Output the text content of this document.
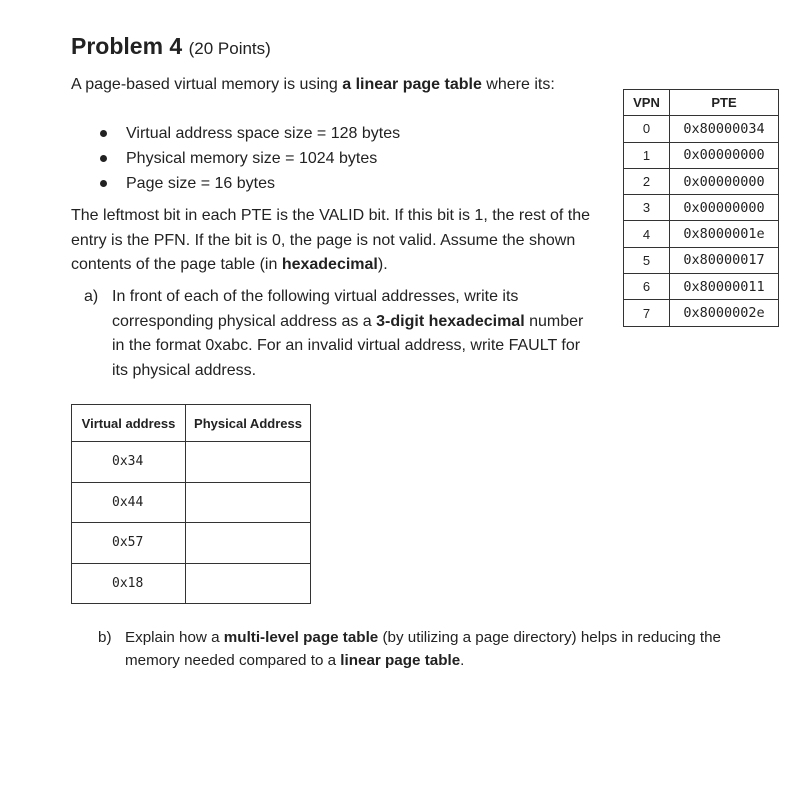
Problem 4 (20 Points)
A page-based virtual memory is using a linear page table where its:
Virtual address space size = 128 bytes
Physical memory size = 1024 bytes
Page size = 16 bytes
The leftmost bit in each PTE is the VALID bit. If this bit is 1, the rest of the entry is the PFN. If the bit is 0, the page is not valid. Assume the shown contents of the page table (in hexadecimal).
a) In front of each of the following virtual addresses, write its corresponding physical address as a 3-digit hexadecimal number in the format 0xabc. For an invalid virtual address, write FAULT for its physical address.
VPN	PTE
0	0x80000034
1	0x00000000
2	0x00000000
3	0x00000000
4	0x8000001e
5	0x80000017
6	0x80000011
7	0x8000002e
Virtual address	Physical Address
0x34	
0x44	
0x57	
0x18	
b) Explain how a multi-level page table (by utilizing a page directory) helps in reducing the memory needed compared to a linear page table.
